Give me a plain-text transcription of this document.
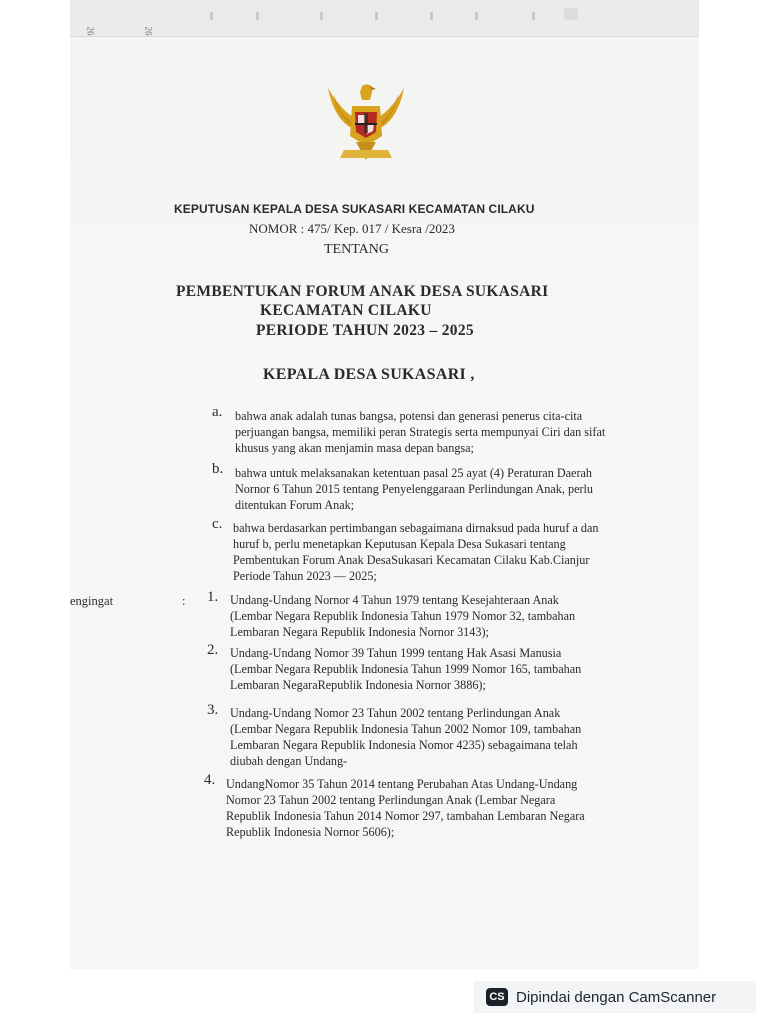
26	26
KEPUTUSAN KEPALA DESA SUKASARI KECAMATAN CILAKU
NOMOR : 475/ Kep. 017 / Kesra /2023
TENTANG
PEMBENTUKAN FORUM ANAK DESA SUKASARI
KECAMATAN CILAKU
PERIODE TAHUN 2023 – 2025
KEPALA DESA SUKASARI ,
a. bahwa anak adalah tunas bangsa, potensi dan generasi penerus cita-cita
perjuangan bangsa, memiliki peran Strategis serta mempunyai Ciri dan sifat
khusus yang akan menjamin masa depan bangsa;
b. bahwa untuk melaksanakan ketentuan pasal 25 ayat (4) Peraturan Daerah
Nornor 6 Tahun 2015 tentang Penyelenggaraan Perlindungan Anak, perlu
ditentukan Forum Anak;
c. bahwa berdasarkan pertimbangan sebagaimana dirnaksud pada huruf a dan
huruf b, perlu menetapkan Keputusan Kepala Desa Sukasari tentang
Pembentukan Forum Anak DesaSukasari Kecamatan Cilaku Kab.Cianjur
Periode Tahun 2023 — 2025;
engingat	: 1. Undang-Undang Nornor 4 Tahun 1979 tentang Kesejahteraan Anak
(Lembar Negara Republik Indonesia Tahun 1979 Nomor 32, tambahan
Lembaran Negara Republik Indonesia Nornor 3143);
2. Undang-Undang Nomor 39 Tahun 1999 tentang Hak Asasi Manusia
(Lembar Negara Republik Indonesia Tahun 1999 Nomor 165, tambahan
Lembaran NegaraRepublik Indonesia Nornor 3886);
3. Undang-Undang Nomor 23 Tahun 2002 tentang Perlindungan Anak
(Lembar Negara Republik Indonesia Tahun 2002 Nomor 109, tambahan
Lembaran Negara Republik Indonesia Nomor 4235) sebagaimana telah
diubah dengan Undang-
4. UndangNomor 35 Tahun 2014 tentang Perubahan Atas Undang-Undang
Nomor 23 Tahun 2002 tentang Perlindungan Anak (Lembar Negara
Republik Indonesia Tahun 2014 Nomor 297, tambahan Lembaran Negara
Republik Indonesia Nornor 5606);
CS Dipindai dengan CamScanner
